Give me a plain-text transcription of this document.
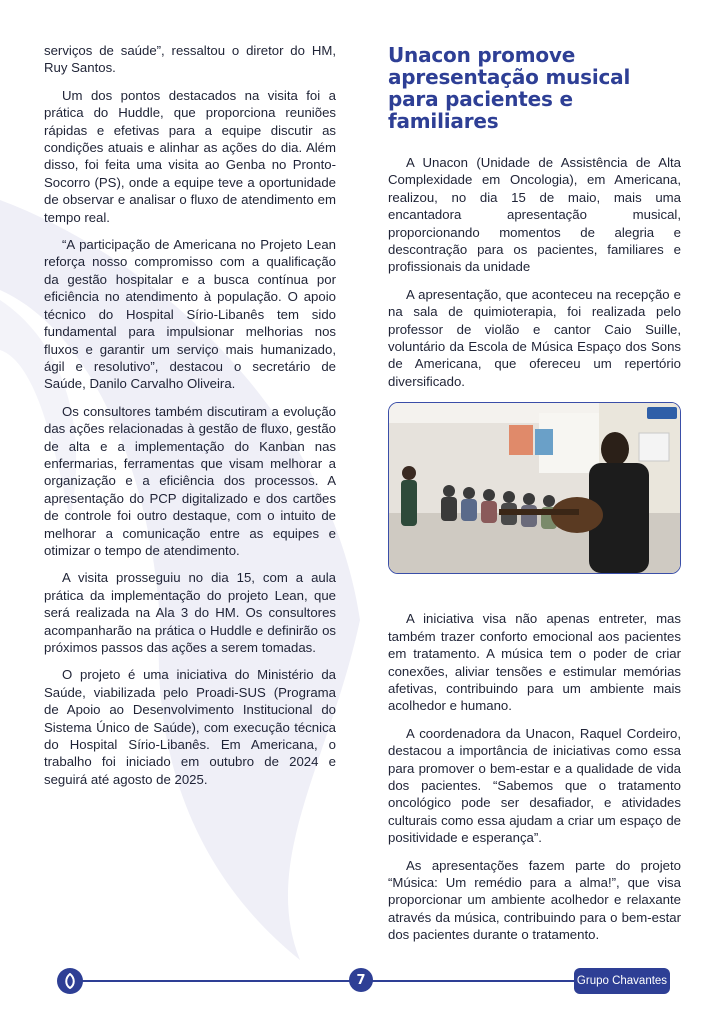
serviços de saúde”, ressaltou o diretor do HM, Ruy Santos.

Um dos pontos destacados na visita foi a prática do Huddle, que proporciona reuniões rápidas e efetivas para a equipe discutir as condições atuais e alinhar as ações do dia. Além disso, foi feita uma visita ao Genba no Pronto-Socorro (PS), onde a equipe teve a oportunidade de observar e analisar o fluxo de atendimento em tempo real.

“A participação de Americana no Projeto Lean reforça nosso compromisso com a qualificação da gestão hospitalar e a busca contínua por eficiência no atendimento à população. O apoio técnico do Hospital Sírio-Libanês tem sido fundamental para impulsionar melhorias nos fluxos e garantir um serviço mais humanizado, ágil e resolutivo”, destacou o secretário de Saúde, Danilo Carvalho Oliveira.

Os consultores também discutiram a evolução das ações relacionadas à gestão de fluxo, gestão de alta e a implementação do Kanban nas enfermarias, ferramentas que visam melhorar a organização e a eficiência dos processos. A apresentação do PCP digitalizado e dos cartões de controle foi outro destaque, com o intuito de melhorar a comunicação entre as equipes e otimizar o tempo de atendimento.

A visita prosseguiu no dia 15, com a aula prática da implementação do projeto Lean, que será realizada na Ala 3 do HM. Os consultores acompanharão na prática o Huddle e definirão os próximos passos das ações a serem tomadas.

O projeto é uma iniciativa do Ministério da Saúde, viabilizada pelo Proadi-SUS (Programa de Apoio ao Desenvolvimento Institucional do Sistema Único de Saúde), com execução técnica do Hospital Sírio-Libanês. Em Americana, o trabalho foi iniciado em outubro de 2024 e seguirá até agosto de 2025.

Unacon promove apresentação musical para pacientes e familiares

A Unacon (Unidade de Assistência de Alta Complexidade em Oncologia), em Americana, realizou, no dia 15 de maio, mais uma encantadora apresentação musical, proporcionando momentos de alegria e descontração para os pacientes, familiares e profissionais da unidade

A apresentação, que aconteceu na recepção e na sala de quimioterapia, foi realizada pelo professor de violão e cantor Caio Suille, voluntário da Escola de Música Espaço dos Sons de Americana, que ofereceu um repertório diversificado.

A iniciativa visa não apenas entreter, mas também trazer conforto emocional aos pacientes em tratamento. A música tem o poder de criar conexões, aliviar tensões e estimular memórias afetivas, contribuindo para um ambiente mais acolhedor e humano.

A coordenadora da Unacon, Raquel Cordeiro, destacou a importância de iniciativas como essa para promover o bem-estar e a qualidade de vida dos pacientes. “Sabemos que o tratamento oncológico pode ser desafiador, e atividades culturais como essa ajudam a criar um espaço de positividade e esperança”.

As apresentações fazem parte do projeto “Música: Um remédio para a alma!”, que visa proporcionar um ambiente acolhedor e relaxante através da música, contribuindo para o bem-estar dos pacientes durante o tratamento.

7	Grupo Chavantes
